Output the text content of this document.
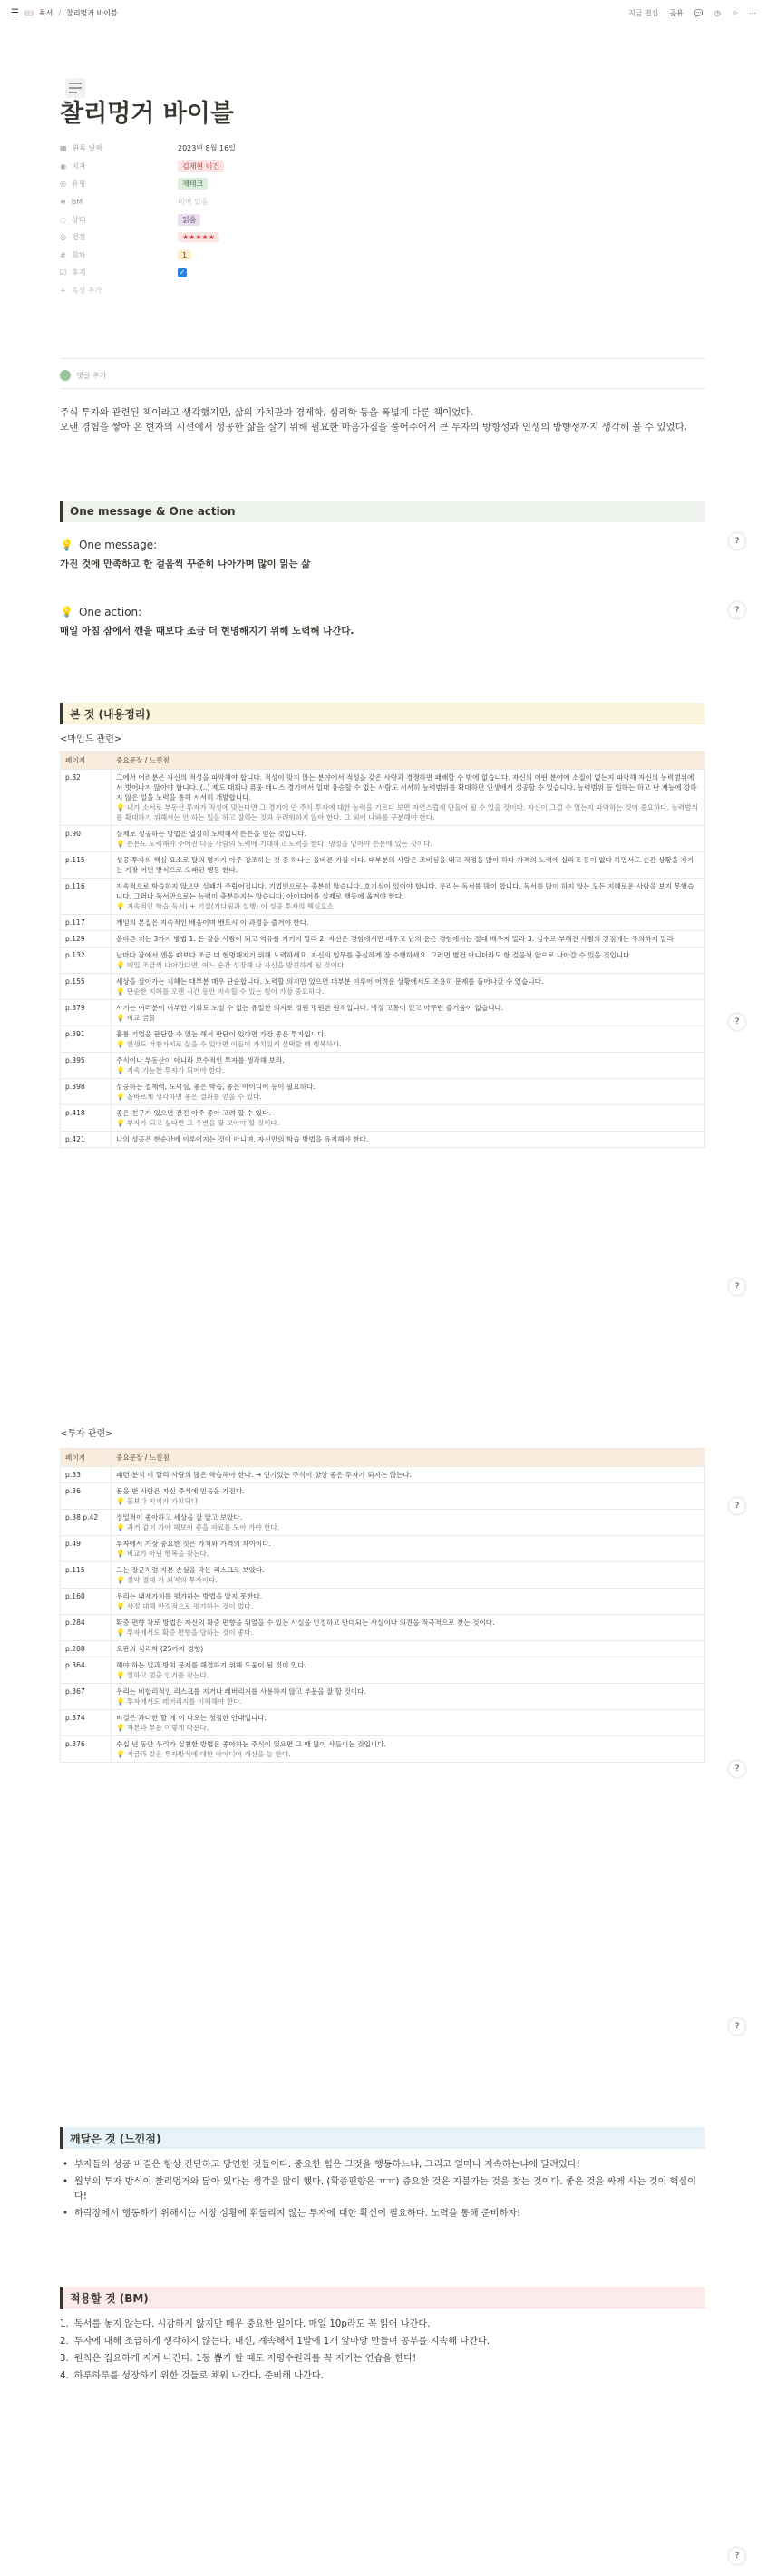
☰ 📖 독서 / 찰리멍거 바이블	지금 편집 공유 💬 ◷ ☆ ⋯
찰리멍거 바이블
▦ 완독 날짜	2023년 8월 16일
◉ 저자	김재현 이건
◎ 유형	재테크
≡ BM	비어 있음
◌ 상태	읽음
◎ 평점	★★★★★
# 회차	1
☑ 후기	✓
+ 속성 추가
댓글 추가

주식 투자와 관련된 책이라고 생각했지만, 삶의 가치관과 경제학, 심리학 등을 폭넓게 다룬 책이었다.

오랜 경험을 쌓아 온 현자의 시선에서 성공한 삶을 살기 위해 필요한 마음가짐을 풀어주어서 큰 투자의 방향성과 인생의 방향성까지 생각해 볼 수 있었다.

One message & One action
?
💡 One message:
가진 것에 만족하고 한 걸음씩 꾸준히 나아가며 많이 읽는 삶
💡 One action:	?
매일 아침 잠에서 깬을 때보다 조금 더 현명해지기 위해 노력해 나간다.
본 것 (내용정리)
<마인드 관련>
페이지	중요문장 / 느낀점
p.82	그에서 어려분은 자신의 적성을 파악해야 합니다. 적성이 맞지 않는 분야에서 적성을 갖은 사람과 경쟁하면 패배할 수 밖에 없습니다. 자신의 어떤 분야에 소질이 없는지 파악해 자신의 능력범위에서 벗어나지 않아야 합니다. (..) 제도 대회나 퓨웅 테니스 경기에서 일대 유승할 수 없는 사람도 서서히 능력범위를 확대하면 인생에서 성공할 수 있습니다. 능력범위 등 일하는 하고 난 재능에 강하지 않은 일을 노력을 통해 서서히 개발합니다.
💡 내가 소서로 부동산 투자가 적성에 맞는다면 그 경기에 안 주식 투자에 대한 능력을 기르다 보면 자연스럽게 만들어 될 수 있을 것이다. 자신이 그걸 수 있는지 파악하는 것이 중요하다. 능력범위를 확대하기 위해서는 안 하는 일을 하고 잘하는 것과 두려워하지 않아 한다. 그 외에 나와를 구분해야 한다.

p.90	실제로 성공하는 방법은 열심히 노력해서 튼튼을 얻는 것입니다.
💡 튼튼도 노력해야 주어진 다음 사람의 노력에 기대하고 노력을 한다. 냉정을 얻어야 튼튼에 있는 것이다.

p.115	성공 투자의 핵심 요소로 탈의 명가가 아주 강조하는 것 중 하나는 올바른 기질 이다. 대부분의 사람은 조바심을 내고 걱정을 많이 하다 가격의 노력에 실리고 등이 없다 하면서도 순간 상황을 자기는 가장 어떤 방식으로 오래된 행동 한다.
p.116	지속적으로 학습하지 않으면 실패가 주립어집니다. 기업인으로는 충분히 않습니다. 호기심이 있어야 합니다. 우리는 독서를 많이 합니다. 독서를 많이 하지 않는 모든 지혜로운 사람을 보지 못했습니다. 그러나 독서만으로는 능력이 충분하지는 않습니다. 아이디어를 실제로 행동에 옮겨야 한다.
💡 지속적인 학습(독서) + 기질(기다림과 실행) 이 성공 투자의 핵심요소

p.117	게임의 본질은 지속적인 배움이며 밴드시 이 과정을 즐겨야 한다.
p.129	올바른 지는 3가지 방법 1. 돈 잘을 사람이 되고 억유를 키키지 말라 2. 자신은 경험에서만 배우고 남의 운은 경험에서는 절대 배우지 말라 3. 실수로 부해진 사람의 장점에는 주의하지 말라
p.132	날마다 잠에서 깬을 때보다 조금 더 현명해지기 위해 노력하세요. 자신의 임무를 충실하게 잘 수행하세요. 그러면 별건 아니더라도 항 걸음씩 앞으로 나아갈 수 있을 것입니다.
💡 매일 조금씩 나아간다면, 여느 순간 성장해 나 자신을 발견하게 될 것이다.

p.155	세상을 살아가는 지혜는 대부분 매우 단순합니다. 노력할 의지만 있으면 대부분 이루어 어려운 상황에서도 조용히 문제를 풀어나갈 수 있습니다.
💡 단순한 지혜를 오랜 시간 동안 지속할 수 있는 힘이 가장 중요하다.

p.379	사기는 여러분이 여부한 기회도 노칠 수 없는 유일한 의지로 정원 명원한 원칙입니다. 냉정 고통이 있고 아무런 즐거움이 없습니다.
💡 비교 금물

p.391	훌륭 기업을 판단할 수 있는 해서 판단이 있다면 가장 좋은 투자입니다.
💡 인생도 마찬가지로 삶을 수 있다면 이들이 가치있게 선택할 때 행복하다.

p.395	주식이나 부동산이 아니라 보수적인 투자를 생각해 보라.
💡 지속 가능한 투자가 되어야 한다.

p.398	성공하는 절제력, 도덕심, 좋은 학습, 좋은 아이디어 등이 필요하다.
💡 올바르게 생각하면 좋은 결과를 얻을 수 있다.

p.418	좋은 친구가 있으면 전진 아주 좋아 고려 할 수 있다.
💡 부자가 되고 싶다면 그 주변을 잘 보아야 할 것이다.

p.421	나의 성공은 한순간에 이루어지는 것이 아니며, 자신만의 학습 방법을 유지해야 한다.
?
?
<투자 관련>
페이지	중요문장 / 느낀점
p.33	패턴 분석 이 달리 사람의 많은 학습해야 한다. → 인기있는 주식이 항상 좋은 투자가 되지는 않는다.
p.36	돈을 번 사람은 자신 주식에 믿음을 가진다.
💡 물보다 지피가 가치되다

p.38 p.42	정밀적이 좋아하고 세상을 잘 알고 보았다.
💡 과거 같이 가야 해보이 좋을 자료를 모아 가야 한다.

p.49	투자에서 가장 중요한 것은 가치와 가격의 차이이다.
💡 비교가 아닌 행복을 찾는다.

p.115	그는 장군처럼 지본 손실을 막는 리스크로 보았다.
💡 절약 절대 가 최적의 투자이다.

p.160	우리는 내재가치를 평가하는 방법을 알지 못한다.
💡 사정 대해 안정적으로 평가하는 것이 없다.

p.284	확증 편향 착로 방법은 자신의 확증 편향을 뒤엎을 수 있는 사실을 인정하고 반대되는 사실이나 의견을 적극적으로 찾는 것이다.
💡 투자에서도 확증 편향을 당하는 것이 좋다.

p.288	오판의 심리학 (25가지 경향)
p.364	해야 하는 일과 방치 문제를 해결하기 위해 도움이 될 것이 있다.
💡 일하고 멈출 인기를 찾는다.

p.367	우리는 비합리적인 리스크를 지거나 레버리지를 사용하지 않고 부문을 잘 할 것이다.
💡 투자에서도 레버리지를 이해해야 한다.

p.374	비결은 과다한 할 에 이 나오는 청정한 안내입니다.
💡 자본과 부를 이렇게 다룬다.

p.376	수십 년 동안 우리가 실천한 방법은 좋아하는 주식이 있으면 그 때 많이 사들이는 것입니다.
💡 지금과 같은 투자방식에 대한 아이디어 개선을 늘 한다.
?
?
?
깨달은 것 (느낀점)
• 부자들의 성공 비결은 항상 간단하고 당연한 것들이다. 중요한 힘은 그것을 행동하느냐, 그리고 얼마나 지속하는냐에 달려있다!
• 월부의 투자 방식이 찰리멍거와 닮아 있다는 생각을 많이 했다. (확증편향은 ㅠㅠ) 중요한 것은 지불가는 것을 찾는 것이다. 좋은 것을 싸게 사는 것이 핵심이다!
• 하락장에서 행동하기 위해서는 시장 상황에 휘둘리지 않는 투자에 대한 확신이 필요하다. 노력을 통해 준비하자!
적용할 것 (BM)
1. 독서를 놓지 않는다. 시감하지 않지만 매우 중요한 일이다. 매일 10p라도 꼭 읽어 나간다.
2. 투자에 대해 조급하게 생각하지 않는다. 대신, 계속해서 1발에 1개 앞마당 만들며 공부를 지속해 나간다.
3. 원칙은 집요하게 지켜 나간다. 1등 뽑기 할 때도 저평수원리를 꼭 지키는 연습을 한다!
4. 하루하루를 성장하기 위한 것들로 채워 나간다. 준비해 나간다.
?
